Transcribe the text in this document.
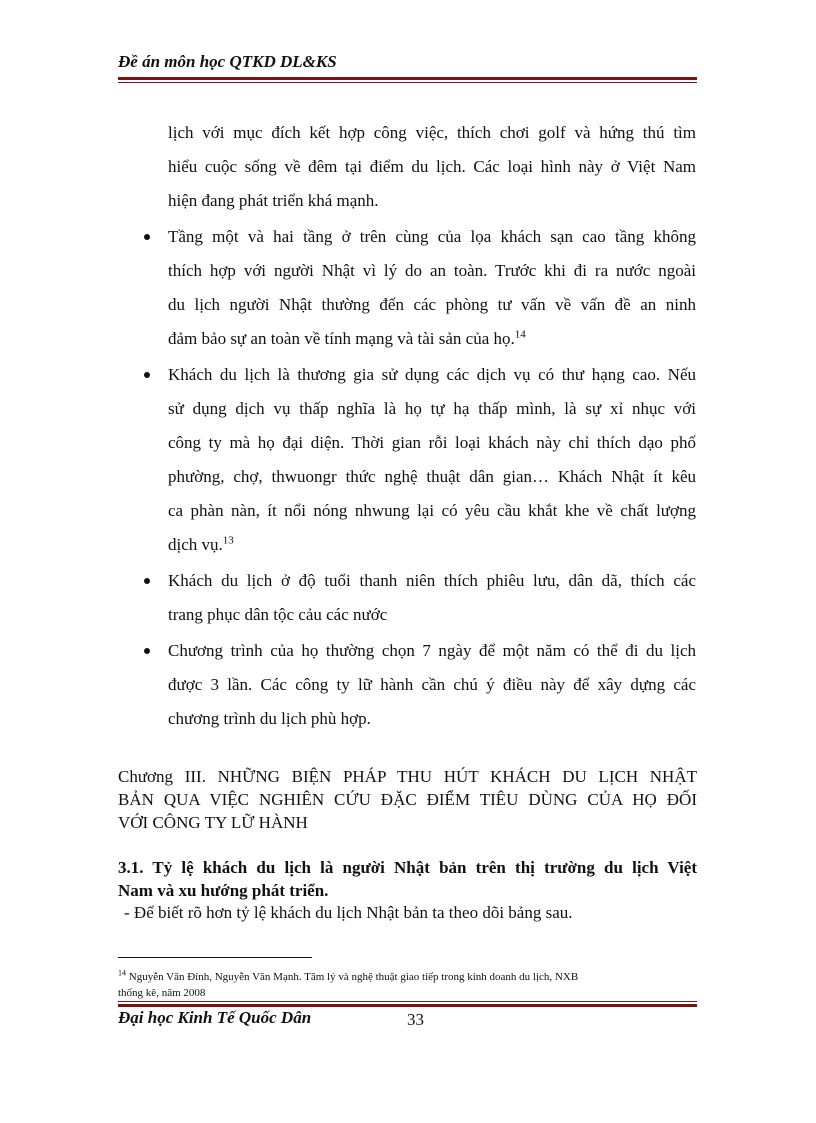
Đề án môn học QTKD DL&KS
lịch với mục đích kết hợp công việc, thích chơi golf và hứng thú tìm
hiểu cuộc sống về đêm tại điểm du lịch. Các loại hình này ở Việt Nam
hiện đang phát triển khá mạnh.
Tầng một và hai tầng ở trên cùng của lọa khách sạn cao tầng không
thích hợp với người Nhật vì lý do an toàn. Trước khi đi ra nước ngoài
du lịch người Nhật thường đến các phòng tư vấn về vấn đề an ninh
đảm bảo sự an toàn về tính mạng và tài sản của họ.$^{14}$
Khách du lịch là thương gia sử dụng các dịch vụ có thư hạng cao. Nếu
sử dụng dịch vụ thấp nghĩa là họ tự hạ thấp mình, là sự xỉ nhục với
công ty mà họ đại diện. Thời gian rỗi loại khách này chỉ thích dạo phố
phường, chợ, thwuongr thức nghệ thuật dân gian… Khách Nhật ít kêu
ca phàn nàn, ít nổi nóng nhwung lại có yêu cầu khắt khe về chất lượng
dịch vụ.$^{13}$
Khách du lịch ở độ tuổi thanh niên thích phiêu lưu, dân dã, thích các
trang phục dân tộc cảu các nước
Chương trình của họ thường chọn 7 ngày để một năm có thể đi du lịch
được 3 lần. Các công ty lữ hành cần chú ý điều này để xây dựng các
chương trình du lịch phù hợp.
Chương III. NHỮNG BIỆN PHÁP THU HÚT KHÁCH DU LỊCH NHẬT
BẢN QUA VIỆC NGHIÊN CỨU ĐẶC ĐIỂM TIÊU DÙNG CỦA HỌ ĐỐI
VỚI CÔNG TY LỮ HÀNH
3.1. Tỷ lệ khách du lịch là người Nhật bản trên thị trường du lịch Việt
Nam và xu hướng phát triển.
- Để biết rõ hơn tỷ lệ khách du lịch Nhật bản ta theo dõi bảng sau.
$^{14}$ Nguyễn Văn Đính, Nguyễn Văn Mạnh. Tâm lý và nghệ thuật giao tiếp trong kinh doanh du lịch, NXB
thống kê, năm 2008
Đại học Kinh Tế Quốc Dân	33
